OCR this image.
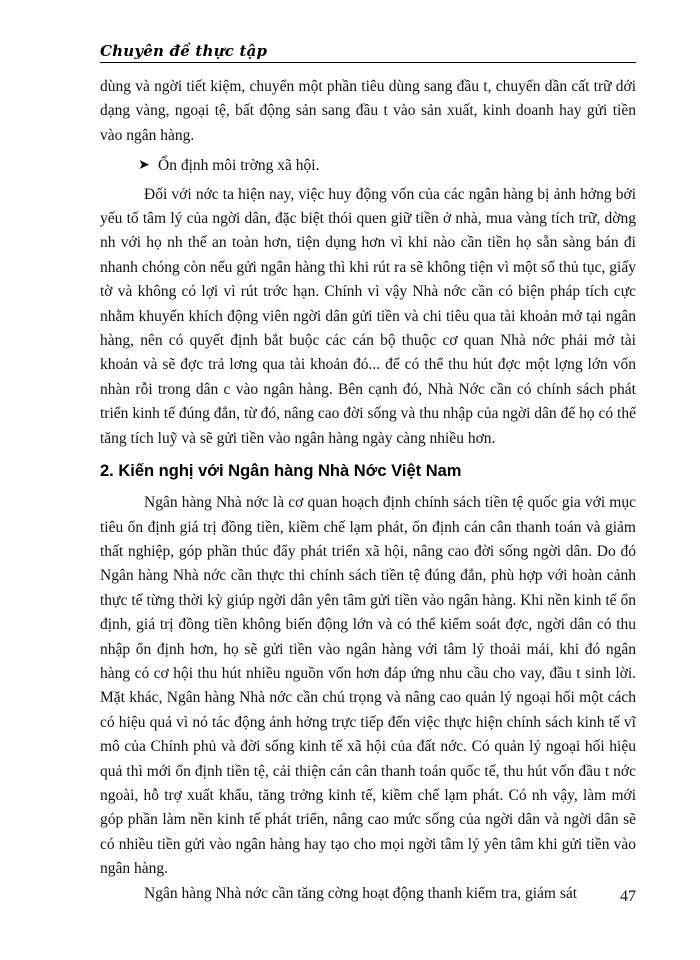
Chuyên đề thực tập

dùng và ngời tiết kiệm, chuyển một phần tiêu dùng sang đầu t, chuyển dần cất trữ dới dạng vàng, ngoại tệ, bất động sản sang đầu t vào sản xuất, kinh doanh hay gửi tiền vào ngân hàng.

➤ Ổn định môi trờng xã hội.

Đối với nớc ta hiện nay, việc huy động vốn của các ngân hàng bị ảnh hởng bởi yếu tố tâm lý của ngời dân, đặc biệt thói quen giữ tiền ở nhà, mua vàng tích trữ, dờng nh với họ nh thế an toàn hơn, tiện dụng hơn vì khi nào cần tiền họ sẵn sàng bán đi nhanh chóng còn nếu gửi ngân hàng thì khi rút ra sẽ không tiện vì một số thủ tục, giấy tờ và không có lợi vì rút trớc hạn. Chính vì vậy Nhà nớc cần có biện pháp tích cực nhằm khuyến khích động viên ngời dân gửi tiền và chi tiêu qua tài khoản mở tại ngân hàng, nên có quyết định bắt buộc các cán bộ thuộc cơ quan Nhà nớc phải mở tài khoản và sẽ đợc trả lơng qua tài khoản đó... để có thể thu hút đợc một lợng lớn vốn nhàn rỗi trong dân c vào ngân hàng. Bên cạnh đó, Nhà Nớc cần có chính sách phát triển kinh tế đúng đắn, từ đó, nâng cao đời sống và thu nhập của ngời dân để họ có thể tăng tích luỹ và sẽ gửi tiền vào ngân hàng ngày càng nhiều hơn.

2. Kiến nghị với Ngân hàng Nhà Nớc Việt Nam

Ngân hàng Nhà nớc là cơ quan hoạch định chính sách tiền tệ quốc gia với mục tiêu ổn định giá trị đồng tiền, kiềm chế lạm phát, ổn định cán cân thanh toán và giảm thất nghiệp, góp phần thúc đẩy phát triển xã hội, nâng cao đời sống ngời dân. Do đó Ngân hàng Nhà nớc cần thực thi chính sách tiền tệ đúng đắn, phù hợp với hoàn cảnh thực tế từng thời kỳ giúp ngời dân yên tâm gửi tiền vào ngân hàng. Khi nền kinh tế ổn định, giá trị đồng tiền không biến động lớn và có thể kiểm soát đợc, ngời dân có thu nhập ổn định hơn, họ sẽ gửi tiền vào ngân hàng với tâm lý thoải mái, khi đó ngân hàng có cơ hội thu hút nhiều nguồn vốn hơn đáp ứng nhu cầu cho vay, đầu t sinh lời. Mặt khác, Ngân hàng Nhà nớc cần chú trọng và nâng cao quản lý ngoại hối một cách có hiệu quả vì nó tác động ảnh hởng trực tiếp đến việc thực hiện chính sách kinh tế vĩ mô của Chính phủ và đời sống kinh tế xã hội của đất nớc. Có quản lý ngoại hối hiệu quả thì mới ổn định tiền tệ, cải thiện cán cân thanh toán quốc tế, thu hút vốn đầu t nớc ngoài, hỗ trợ xuất khẩu, tăng trởng kinh tế, kiềm chế lạm phát. Có nh vậy, làm mới góp phần làm nền kinh tế phát triển, nâng cao mức sống của ngời dân và ngời dân sẽ có nhiều tiền gửi vào ngân hàng hay tạo cho mọi ngời tâm lý yên tâm khi gửi tiền vào ngân hàng.

Ngân hàng Nhà nớc cần tăng cờng hoạt động thanh kiểm tra, giám sát	47
